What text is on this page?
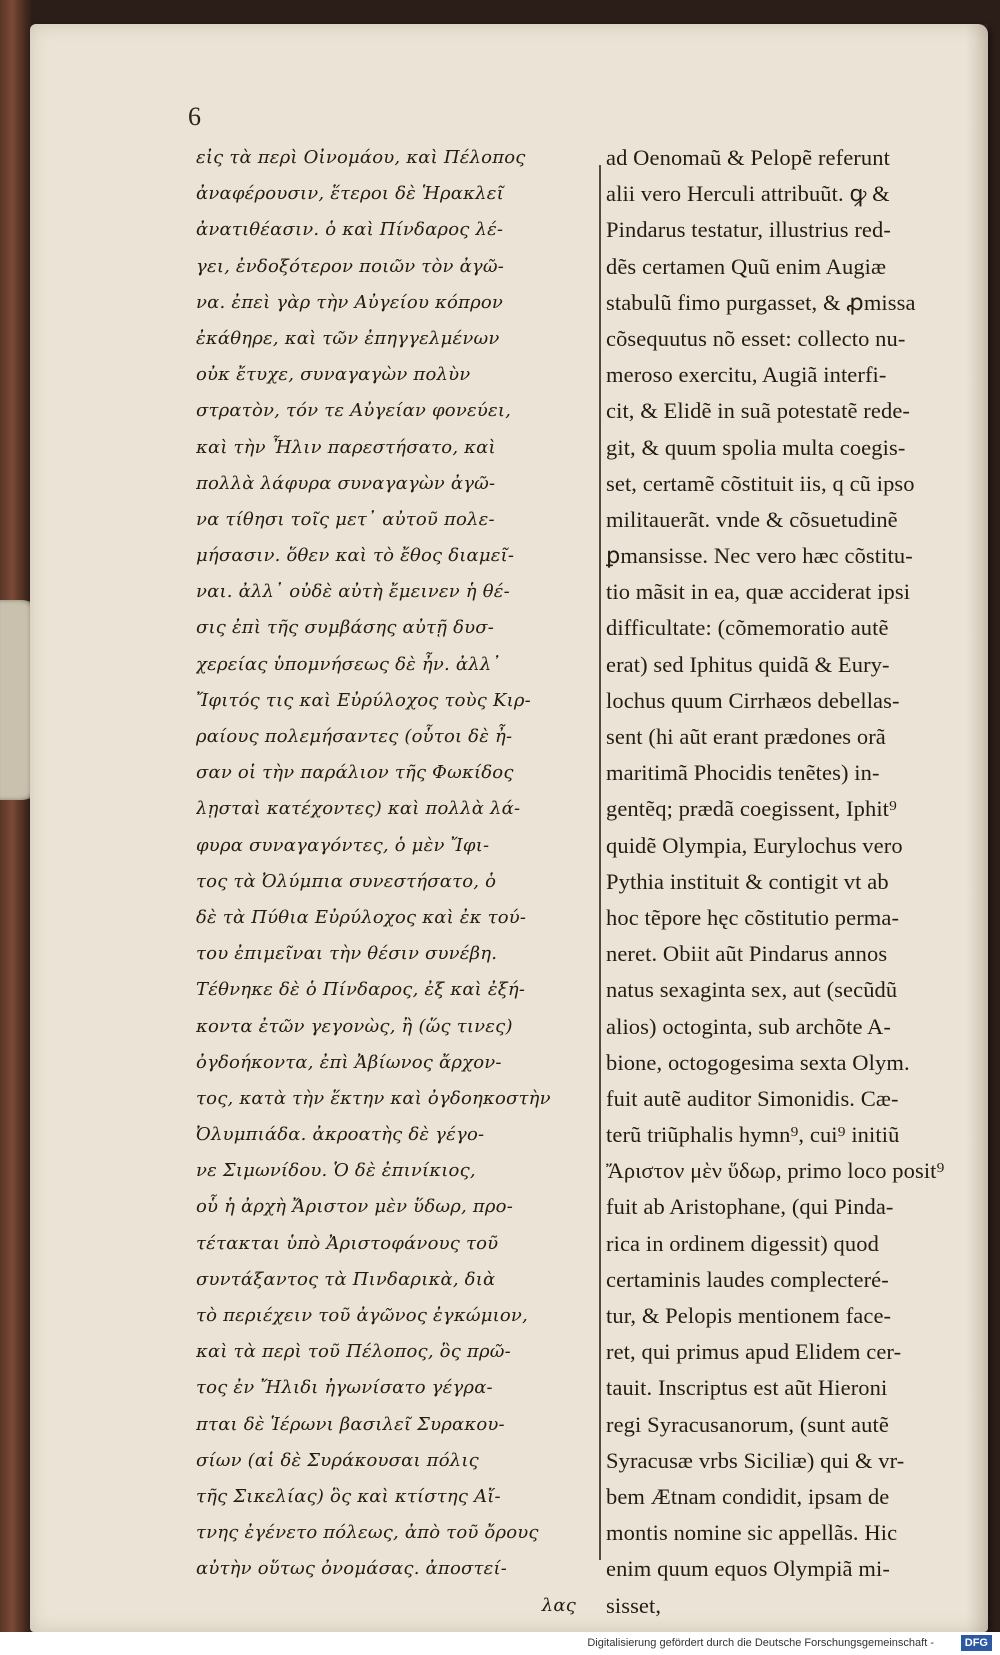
6
εἰς τὰ περὶ Οἰνομάου, καὶ Πέλοπος
ἀναφέρουσιν, ἕτεροι δὲ Ἡρακλεῖ
ἀνατιθέασιν. ὁ καὶ Πίνδαρος λέ-
γει, ἐνδοξότερον ποιῶν τὸν ἀγῶ-
να. ἐπεὶ γὰρ τὴν Αὐγείου κόπρον
ἐκάθηρε, καὶ τῶν ἐπηγγελμένων
οὐκ ἔτυχε, συναγαγὼν πολὺν
στρατὸν, τόν τε Αὐγείαν φονεύει,
καὶ τὴν Ἦλιν παρεστήσατο, καὶ
πολλὰ λάφυρα συναγαγὼν ἀγῶ-
να τίθησι τοῖς μετ᾽ αὐτοῦ πολε-
μήσασιν. ὅθεν καὶ τὸ ἔθος διαμεῖ-
ναι. ἀλλ᾽ οὐδὲ αὐτὴ ἔμεινεν ἡ θέ-
σις ἐπὶ τῆς συμβάσης αὐτῇ δυσ-
χερείας ὑπομνήσεως δὲ ἦν. ἀλλ᾽
Ἴφιτός τις καὶ Εὐρύλοχος τοὺς Κιρ-
ραίους πολεμήσαντες (οὗτοι δὲ ἦ-
σαν οἱ τὴν παράλιον τῆς Φωκίδος
λῃσταὶ κατέχοντες) καὶ πολλὰ λά-
φυρα συναγαγόντες, ὁ μὲν Ἴφι-
τος τὰ Ὀλύμπια συνεστήσατο, ὁ
δὲ τὰ Πύθια Εὐρύλοχος καὶ ἐκ τού-
του ἐπιμεῖναι τὴν θέσιν συνέβη.
Τέθνηκε δὲ ὁ Πίνδαρος, ἐξ καὶ ἐξή-
κοντα ἐτῶν γεγονὼς, ἢ (ὥς τινες)
ὀγδοήκοντα, ἐπὶ Ἀβίωνος ἄρχον-
τος, κατὰ τὴν ἕκτην καὶ ὀγδοηκοστὴν
Ὀλυμπιάδα. ἀκροατὴς δὲ γέγο-
νε Σιμωνίδου. Ὁ δὲ ἐπινίκιος,
οὗ ἡ ἀρχὴ Ἄριστον μὲν ὕδωρ, προ-
τέτακται ὑπὸ Ἀριστοφάνους τοῦ
συντάξαντος τὰ Πινδαρικὰ, διὰ
τὸ περιέχειν τοῦ ἀγῶνος ἐγκώμιον,
καὶ τὰ περὶ τοῦ Πέλοπος, ὃς πρῶ-
τος ἐν Ἤλιδι ἠγωνίσατο γέγρα-
πται δὲ Ἱέρωνι βασιλεῖ Συρακου-
σίων (αἱ δὲ Συράκουσαι πόλις
τῆς Σικελίας) ὃς καὶ κτίστης Αἴ-
τνης ἐγένετο πόλεως, ἀπὸ τοῦ ὄρους
αὐτὴν οὕτως ὀνομάσας. ἀποστεί-
λας
ad Oenomaũ & Pelopẽ referunt
alii vero Herculi attribuũt. ꝙ &
Pindarus testatur, illustrius red-
dẽs certamen Quũ enim Augiæ
stabulũ fimo purgasset, & ꝓmissa
cõsequutus nõ esset: collecto nu-
meroso exercitu, Augiã interfi-
cit, & Elidẽ in suã potestatẽ rede-
git, & quum spolia multa coegis-
set, certamẽ cõstituit iis, q cũ ipso
militauerãt. vnde & cõsuetudinẽ
ꝑmansisse. Nec vero hæc cõstitu-
tio mãsit in ea, quæ acciderat ipsi
difficultate: (cõmemoratio autẽ
erat) sed Iphitus quidã & Eury-
lochus quum Cirrhæos debellas-
sent (hi aũt erant prædones orã
maritimã Phocidis tenẽtes) in-
gentẽq; prædã coegissent, Iphit⁹
quidẽ Olympia, Eurylochus vero
Pythia instituit & contigit vt ab
hoc tẽpore hęc cõstitutio perma-
neret. Obiit aũt Pindarus annos
natus sexaginta sex, aut (secũdũ
alios) octoginta, sub archõte A-
bione, octogogesima sexta Olym.
fuit autẽ auditor Simonidis. Cæ-
terũ triũphalis hymn⁹, cui⁹ initiũ
Ἄριστον μὲν ὕδωρ, primo loco posit⁹
fuit ab Aristophane, (qui Pinda-
rica in ordinem digessit) quod
certaminis laudes complecteré-
tur, & Pelopis mentionem face-
ret, qui primus apud Elidem cer-
tauit. Inscriptus est aũt Hieroni
regi Syracusanorum, (sunt autẽ
Syracusæ vrbs Siciliæ) qui & vr-
bem Ætnam condidit, ipsam de
montis nomine sic appellãs. Hic
enim quum equos Olympiã mi-
sisset,
Digitalisierung gefördert durch die Deutsche Forschungsgemeinschaft -	DFG
